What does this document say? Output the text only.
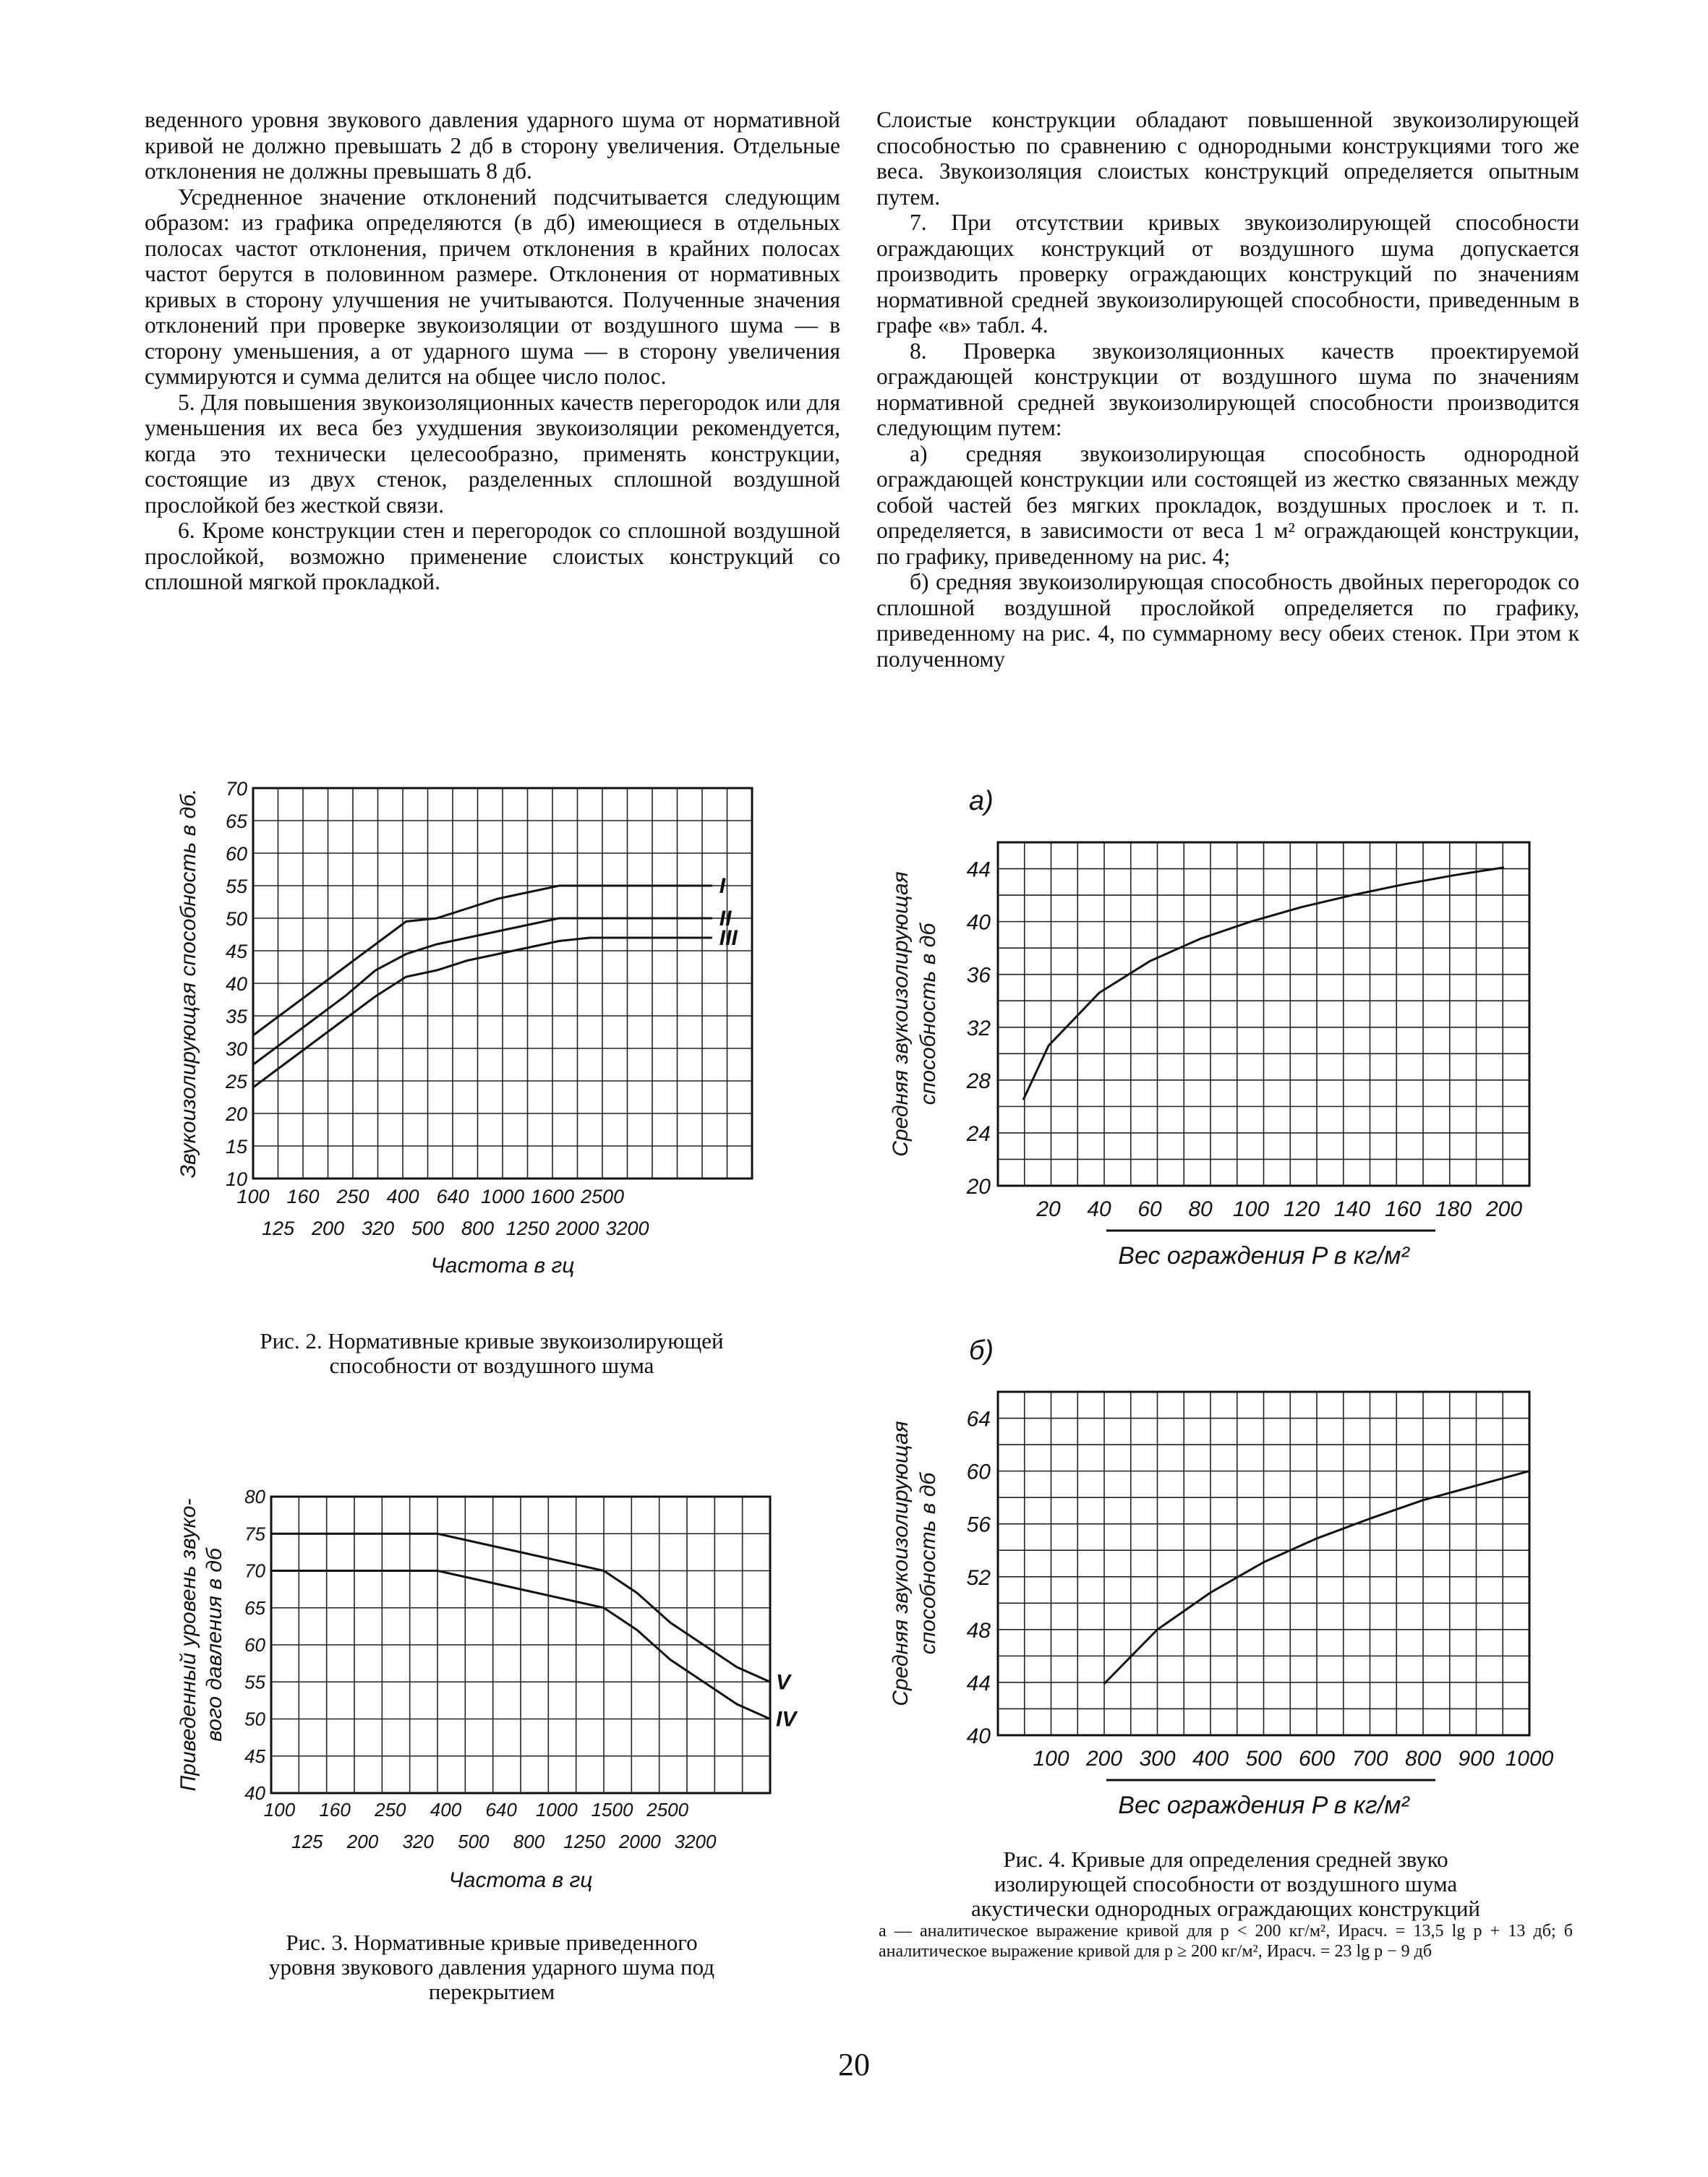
веденного уровня звукового давления ударного шума от нормативной кривой не должно превышать 2 дб в сторону увеличения. Отдельные отклонения не должны превышать 8 дб.

Усредненное значение отклонений подсчитывается следующим образом: из графика определяются (в дб) имеющиеся в отдельных полосах частот отклонения, причем отклонения в крайних полосах частот берутся в половинном размере. Отклонения от нормативных кривых в сторону улучшения не учитываются. Полученные значения отклонений при проверке звукоизоляции от воздушного шума — в сторону уменьшения, а от ударного шума — в сторону увеличения суммируются и сумма делится на общее число полос.

5. Для повышения звукоизоляционных качеств перегородок или для уменьшения их веса без ухудшения звукоизоляции рекомендуется, когда это технически целесообразно, применять конструкции, состоящие из двух стенок, разделенных сплошной воздушной прослойкой без жесткой связи.

6. Кроме конструкции стен и перегородок со сплошной воздушной прослойкой, возможно применение слоистых конструкций со сплошной мягкой прокладкой.

Слоистые конструкции обладают повышенной звукоизолирующей способностью по сравнению с однородными конструкциями того же веса. Звукоизоляция слоистых конструкций определяется опытным путем.

7. При отсутствии кривых звукоизолирующей способности ограждающих конструкций от воздушного шума допускается производить проверку ограждающих конструкций по значениям нормативной средней звукоизолирующей способности, приведенным в графе «в» табл. 4.

8. Проверка звукоизоляционных качеств проектируемой ограждающей конструкции от воздушного шума по значениям нормативной средней звукоизолирующей способности производится следующим путем:

а) средняя звукоизолирующая способность однородной ограждающей конструкции или состоящей из жестко связанных между собой частей без мягких прокладок, воздушных прослоек и т. п. определяется, в зависимости от веса 1 м² ограждающей конструкции, по графику, приведенному на рис. 4;

б) средняя звукоизолирующая способность двойных перегородок со сплошной воздушной прослойкой определяется по графику, приведенному на рис. 4, по суммарному весу обеих стенок. При этом к полученному

10
15
20
25
30
35
40
45
50
55
60
65
70
100 160 250 400 640 1000 1600 2500
125 200 320 500 800 1250 2000 3200
Частота в гц
Звукоизолирующая способность в дб.	I
II
III
Рис. 2. Нормативные кривые звукоизолирующей
способности от воздушного шума
40
45
50
55
60
65
70
75
80
100 160 250 400 640 1000 1500 2500
125 200 320 500 800 1250 2000 3200
Частота в гц
Приведенный уровень звуко- вого давления в дб	V
IV
Рис. 3. Нормативные кривые приведенного
уровня звукового давления ударного шума под
перекрытием
а)
20
24
28
32
36
40
44
20 40 60 80 100 120 140 160 180 200
Вес ограждения P в кг/м²
Средняя звукоизолирующая способность в дб
б)
40
44
48
52
56
60
64
100 200 300 400 500 600 700 800 900 1000
Вес ограждения P в кг/м²
Средняя звукоизолирующая способность в дб
Рис. 4. Кривые для определения средней звуко
изолирующей способности от воздушного шума
акустически однородных ограждающих конструкций
а — аналитическое выражение кривой для p < 200 кг/м², Ирасч. = 13,5 lg p + 13 дб; б аналитическое выражение кривой для p ≥ 200 кг/м², Ирасч. = 23 lg p − 9 дб
20
